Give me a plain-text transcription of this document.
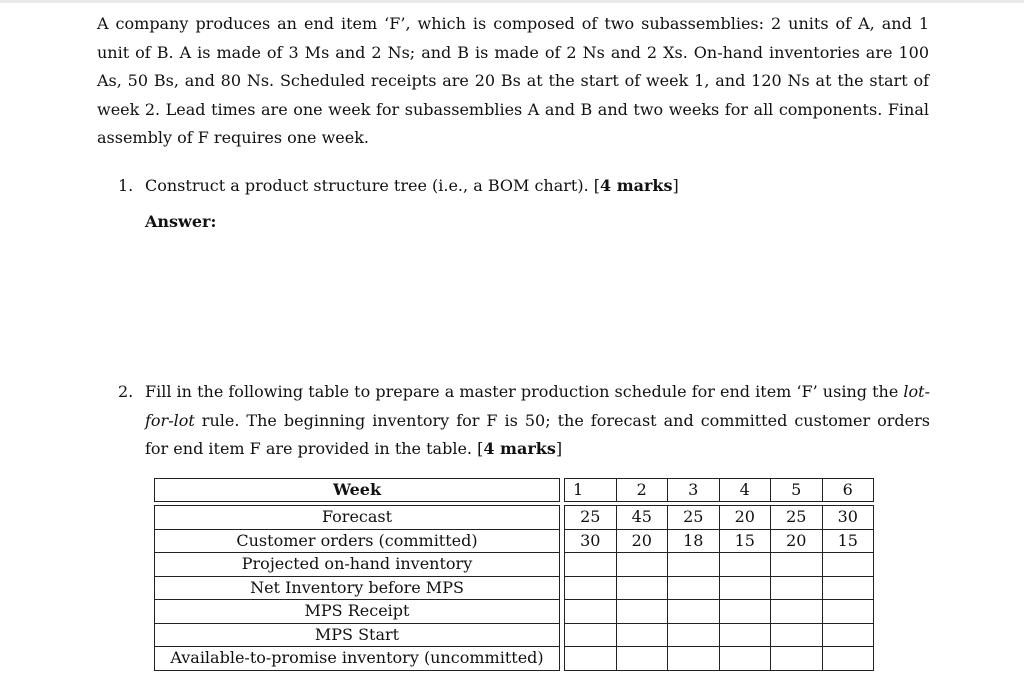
A company produces an end item ‘F’, which is composed of two subassemblies: 2 units of A, and 1 unit of B. A is made of 3 Ms and 2 Ns; and B is made of 2 Ns and 2 Xs. On-hand inventories are 100 As, 50 Bs, and 80 Ns. Scheduled receipts are 20 Bs at the start of week 1, and 120 Ns at the start of week 2. Lead times are one week for subassemblies A and B and two weeks for all components. Final assembly of F requires one week.

1. Construct a product structure tree (i.e., a BOM chart). [4 marks]

Answer:

2. Fill in the following table to prepare a master production schedule for end item ‘F’ using the lot-for-lot rule. The beginning inventory for F is 50; the forecast and committed customer orders for end item F are provided in the table. [4 marks]

Week		1	2	3	4	5	6

Forecast		25	45	25	20	25	30
Customer orders (committed)		30	20	18	15	20	15
Projected on-hand inventory							
Net Inventory before MPS							
MPS Receipt							
MPS Start							
Available-to-promise inventory (uncommitted)							
